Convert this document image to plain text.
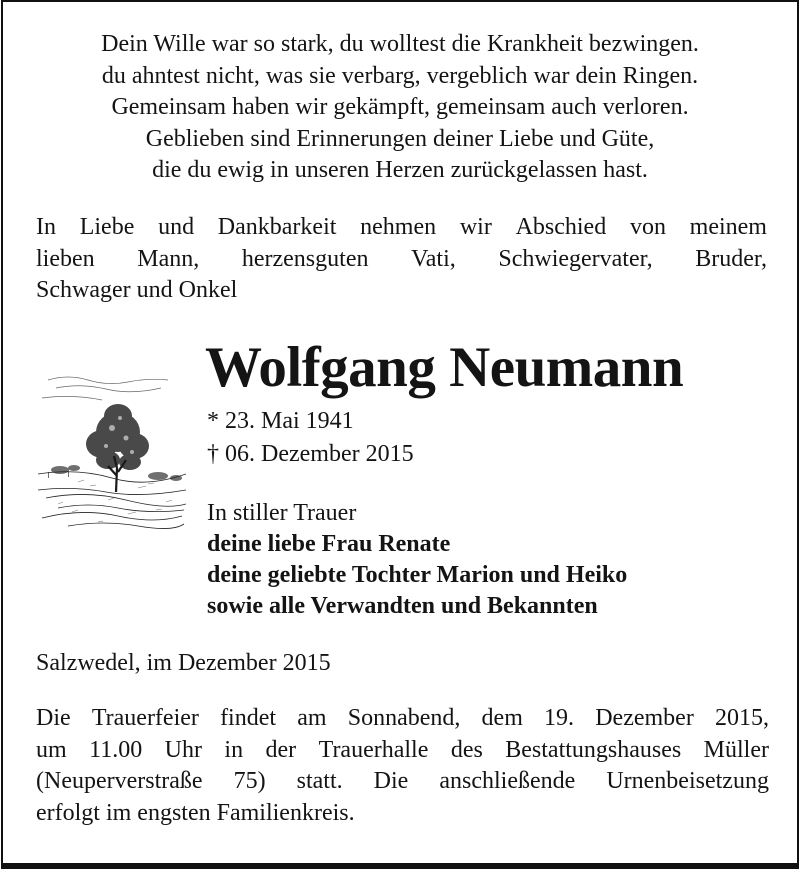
Dein Wille war so stark, du wolltest die Krankheit bezwingen.
du ahntest nicht, was sie verbarg, vergeblich war dein Ringen.
Gemeinsam haben wir gekämpft, gemeinsam auch verloren.
Geblieben sind Erinnerungen deiner Liebe und Güte,
die du ewig in unseren Herzen zurückgelassen hast.
In Liebe und Dankbarkeit nehmen wir Abschied von meinem
lieben Mann, herzensguten Vati, Schwiegervater, Bruder,
Schwager und Onkel
Wolfgang Neumann
* 23. Mai 1941
† 06. Dezember 2015
In stiller Trauer
deine liebe Frau Renate
deine geliebte Tochter Marion und Heiko
sowie alle Verwandten und Bekannten
Salzwedel, im Dezember 2015
Die Trauerfeier findet am Sonnabend, dem 19. Dezember 2015,
um 11.00 Uhr in der Trauerhalle des Bestattungshauses Müller
(Neuperverstraße 75) statt. Die anschließende Urnenbeisetzung
erfolgt im engsten Familienkreis.
